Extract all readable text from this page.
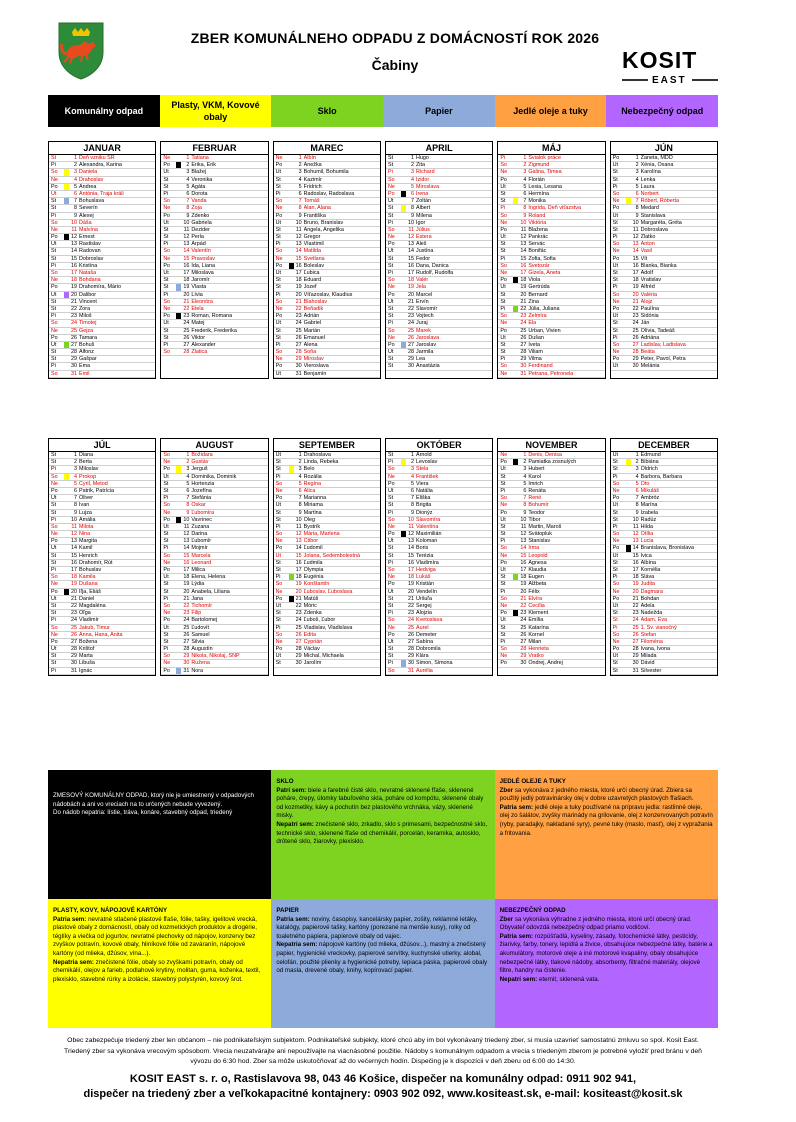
ZBER KOMUNÁLNEHO ODPADU Z DOMÁCNOSTÍ ROK 2026
Čabiny	KOSIT
EAST
Komunálny odpad
Plasty, VKM, Kovové obaly
Sklo	Papier	Jedlé oleje a tuky	Nebezpečný odpad
JANUAR
Št	1 Deň vzniku SR
Pi	2 Alexandra, Karina
So	3 Daniela
Ne	4 Drahoslav
Po	5 Andrea
Ut	6 Antónia, Traja králi
St	7 Bohuslava
Št	8 Severín
Pi	9 Alexej
So	10 Dáša
Ne	11 Malvína
Po	12 Ernest
Ut	13 Rastislav
St	14 Radovan
Št	15 Dobroslav
Pi	16 Kristína
So	17 Nataša
Ne	18 Bohdana
Po	19 Drahomíra, Mário
Ut	20 Dalibor
St	21 Vincent
Št	22 Zora
Pi	23 Miloš
So	24 Timotej
Ne	25 Gejza
Po	26 Tamara
Ut	27 Bohuš
St	28 Alfonz
Št	29 Gašpar
Pi	30 Ema
So	31 Emil
FEBRUAR
Ne	1 Tatiana
Po	2 Erika, Erik
Ut	3 Blažej
St	4 Veronika
Št	5 Agáta
Pi	6 Dorota
So	7 Vanda
Ne	8 Zoja
Po	9 Zdenko
Ut	10 Gabriela
St	11 Dezider
Št	12 Perla
Pi	13 Arpád
So	14 Valentín
Ne	15 Pravoslav
Po	16 Ida, Liana
Ut	17 Miloslava
St	18 Jaromír
Št	19 Vlasta
Pi	20 Lívia
So	21 Eleonóra
Ne	22 Etela
Po	23 Roman, Romana
Ut	24 Matej
St	25 Frederik, Frederika
Št	26 Viktor
Pi	27 Alexander
So	28 Zlatica
MAREC
Ne	1 Albín
Po	2 Anežka
Ut	3 Bohumil, Bohumila
St	4 Kazimír
Št	5 Fridrich
Pi	6 Radoslav, Radoslava
So	7 Tomáš
Ne	8 Alan, Alana
Po	9 Františka
Ut	10 Bruno, Branislav
St	11 Angela, Angelika
Št	12 Gregor
Pi	13 Vlastimil
So	14 Matilda
Ne	15 Svetlana
Po	16 Boleslav
Ut	17 Ľubica
St	18 Eduard
Št	19 Jozef
Pi	20 Víťazoslav, Klaudius
So	21 Blahoslav
Ne	22 Beňadik
Po	23 Adrián
Ut	24 Gabriel
St	25 Marián
Št	26 Emanuel
Pi	27 Alena
So	28 Soňa
Ne	29 Miroslav
Po	30 Vieroslava
Ut	31 Benjamín
APRIL
St	1 Hugo
Št	2 Zita
Pi	3 Richard
So	4 Izidor
Ne	5 Miroslava
Po	6 Irena
Ut	7 Zoltán
St	8 Albert
Št	9 Milena
Pi	10 Igor
So	11 Július
Ne	12 Estera
Po	13 Aleš
Ut	14 Justína
St	15 Fedor
Št	16 Dana, Danica
Pi	17 Rudolf, Rudolfa
So	18 Valér
Ne	19 Jela
Po	20 Marcel
Ut	21 Ervín
St	22 Slavomír
Št	23 Vojtech
Pi	24 Juraj
So	25 Marek
Ne	26 Jaroslava
Po	27 Jaroslav
Ut	28 Jarmila
St	29 Lea
Št	30 Anastázia
MÁJ
Pi	1 Sviatok práce
So	2 Žigmund
Ne	3 Galina, Timea
Po	4 Florián
Ut	5 Lesia, Lesana
St	6 Hermína
Št	7 Monika
Pi	8 Ingrida, Deň víťazstva
So	9 Roland
Ne	10 Viktória
Po	11 Blažena
Ut	12 Pankrác
St	13 Servác
Št	14 Bonifác
Pi	15 Žofia, Sofia
So	16 Svetozár
Ne	17 Gizela, Aneta
Po	18 Viola
Ut	19 Gertrúda
St	20 Bernard
Št	21 Zina
Pi	22 Júlia, Juliana
So	23 Želmíra
Ne	24 Ela
Po	25 Urban, Vivien
Ut	26 Dušan
St	27 Iveta
Št	28 Viliam
Pi	29 Vilma
So	30 Ferdinand
Ne	31 Petrana, Petronela
JÚN
Po	1 Žaneta, MDD
Ut	2 Xénia, Oxana
St	3 Karolína
Št	4 Lenka
Pi	5 Laura
So	6 Norbert
Ne	7 Róbert, Róberta
Po	8 Medard
Ut	9 Stanislava
St	10 Margaréta, Gréta
Št	11 Dobroslava
Pi	12 Zlatko
So	13 Anton
Ne	14 Vasil
Po	15 Vít
Ut	16 Blanka, Bianka
St	17 Adolf
Št	18 Vratislav
Pi	19 Alfréd
So	20 Valéria
Ne	21 Alojz
Po	22 Paulína
Ut	23 Sidónia
St	24 Ján
Št	25 Olívia, Tadeáš
Pi	26 Adriána
So	27 Ladislav, Ladislava
Ne	28 Beáta
Po	29 Peter, Pavol, Petra
Ut	30 Melánia
JÚL
St	1 Diana
Št	2 Berta
Pi	3 Miloslav
So	4 Prokop
Ne	5 Cyril, Metod
Po	6 Patrik, Patrícia
Ut	7 Oliver
St	8 Ivan
Št	9 Lujza
Pi	10 Amália
So	11 Milota
Ne	12 Nina
Po	13 Margita
Ut	14 Kamil
St	15 Henrich
Št	16 Drahomír, Rút
Pi	17 Bohuslav
So	18 Kamila
Ne	19 Dušana
Po	20 Iľja, Eliáš
Ut	21 Daniel
St	22 Magdaléna
Št	23 Oľga
Pi	24 Vladimír
So	25 Jakub, Timur
Ne	26 Anna, Hana, Anita
Po	27 Božena
Ut	28 Krištof
St	29 Marta
Št	30 Libuša
Pi	31 Ignác
AUGUST
So	1 Božidara
Ne	2 Gustáv
Po	3 Jerguš
Ut	4 Dominika, Dominik
St	5 Hortenzia
Št	6 Jozefína
Pi	7 Štefánia
So	8 Oskar
Ne	9 Ľubomíra
Po	10 Vavrinec
Ut	11 Zuzana
St	12 Darina
Št	13 Ľubomír
Pi	14 Mojmír
So	15 Marcela
Ne	16 Leonard
Po	17 Milica
Ut	18 Elena, Helena
St	19 Lýdia
Št	20 Anabela, Liliana
Pi	21 Jana
So	22 Tichomír
Ne	23 Filip
Po	24 Bartolomej
Ut	25 Ľudovít
St	26 Samuel
Št	27 Silvia
Pi	28 Augustín
So	29 Nikola, Nikolaj, SNP
Ne	30 Ružena
Po	31 Nora
SEPTEMBER
Ut	1 Drahoslava
St	2 Linda, Rebeka
Št	3 Belo
Pi	4 Rozália
So	5 Regína
Ne	6 Alica
Po	7 Marianna
Ut	8 Miriama
St	9 Martina
Št	10 Oleg
Pi	11 Bystrík
So	12 Mária, Marlena
Ne	13 Ctibor
Po	14 Ľudomil
Ut	15 Jolana, Sedembolestná
St	16 Ľudmila
Št	17 Olympia
Pi	18 Eugénia
So	19 Konštantín
Ne	20 Ľuboslav, Ľuboslava
Po	21 Matúš
Ut	22 Móric
St	23 Zdenka
Št	24 Ľuboš, Ľubor
Pi	25 Vladislav, Vladislava
So	26 Edita
Ne	27 Cyprián
Po	28 Václav
Ut	29 Michal, Michaela
St	30 Jarolím
OKTÓBER
Št	1 Arnold
Pi	2 Levoslav
So	3 Stela
Ne	4 František
Po	5 Viera
Ut	6 Natália
St	7 Eliška
Št	8 Brigita
Pi	9 Dionýz
So	10 Slavomíra
Ne	11 Valentína
Po	12 Maximilián
Ut	13 Koloman
St	14 Boris
Št	15 Terézia
Pi	16 Vladimíra
So	17 Hedviga
Ne	18 Lukáš
Po	19 Kristián
Ut	20 Vendelín
St	21 Uršuľa
Št	22 Sergej
Pi	23 Alojzia
So	24 Kvetoslava
Ne	25 Aurel
Po	26 Demeter
Ut	27 Sabína
St	28 Dobromila
Št	29 Klára
Pi	30 Šimon, Simona
So	31 Aurélia
NOVEMBER
Ne	1 Denis, Denisa
Po	2 Pamiatka zosnulých
Ut	3 Hubert
St	4 Karol
Št	5 Imrich
Pi	6 Renáta
So	7 René
Ne	8 Bohumír
Po	9 Teodor
Ut	10 Tibor
St	11 Martin, Maroš
Št	12 Svätopluk
Pi	13 Stanislav
So	14 Irma
Ne	15 Leopold
Po	16 Agnesa
Ut	17 Klaudia
St	18 Eugen
Št	19 Alžbeta
Pi	20 Félix
So	21 Elvíra
Ne	22 Cecília
Po	23 Klement
Ut	24 Emília
St	25 Katarína
Št	26 Kornel
Pi	27 Milan
So	28 Henrieta
Ne	29 Vratko
Po	30 Ondrej, Andrej
DECEMBER
Ut	1 Edmund
St	2 Bibiána
Št	3 Oldrich
Pi	4 Barbora, Barbara
So	5 Oto
Ne	6 Mikuláš
Po	7 Ambróz
Ut	8 Marína
St	9 Izabela
Št	10 Radúz
Pi	11 Hilda
So	12 Otília
Ne	13 Lucia
Po	14 Branislava, Bronislava
Ut	15 Ivica
St	16 Albína
Št	17 Kornélia
Pi	18 Sláva
So	19 Judita
Ne	20 Dagmara
Po	21 Bohdan
Ut	22 Adela
St	23 Nadežda
Št	24 Adam, Eva
Pi	25 1. Sv. vianočný
So	26 Štefan
Ne	27 Filoména
Po	28 Ivana, Ivona
Ut	29 Milada
St	30 Dávid
Št	31 Silvester
ZMESOVÝ KOMUNÁLNY ODPAD, ktorý nie je umiestnený v odpadových nádobách a ani vo vreciach na to určených nebude vyvezený.
Do nádob nepatria: lístie, tráva, konáre, stavebný odpad, triedený
SKLO
Patrí sem: biele a farebné čisté sklo, nevratné sklenené fľaše, sklenené poháre, črepy, úlomky tabuľového skla, poháre od kompótu, sklenené obaly od kozmetiky, kávy a pochutín bez plastového vrchnáka, vázy, sklenené misky.
Nepatrí sem: znečistené sklo, zrkadlo, sklo s primesami, bezpečnostné sklo, technické sklo, sklenené fľaše od chemikálií, porcelán, keramika, autosklo, drôtené sklo, žiarovky, plexisklo.
JEDLÉ OLEJE A TUKY
Zber sa vykonáva z jedného miesta, ktoré určí obecný úrad. Zbiera sa použitý jedlý potravinársky olej v dobre uzavretých plastových fľašiach.
Patria sem: jedlé oleje a tuky používané na prípravu jedla: rastlinné oleje, olej zo šalátov, zvyšky marinády na grilovanie, olej z konzervovaných potravín (ryby, paradajky, nakladané syry), pevné tuky (maslo, masť), olej z vypražania a fritovania.
PLASTY, KOVY, NÁPOJOVÉ KARTÓNY
Patria sem: nevratné stlačené plastové fľaše, fólie, tašky, igelitové vrecká, plastové obaly z domácností, obaly od kozmetických produktov a drogérie, téglíky a viečka od jogurtov, nevratné plechovky od nápojov, konzervy bez zvyškov potravín, kovové obaly, hliníkové fólie od zaváranín, nápojové kartóny (od mlieka, džúsov, vína...).
Nepatria sem: znečistené fólie, obaly so zvyškami potravín, obaly od chemikálií, olejov a farieb, podlahové krytiny, molitan, guma, koženka, textil, plexisklo, stavebné rúrky a izolácie, stavebný polystyrén, kovový šrot.
PAPIER
Patria sem: noviny, časopisy, kancelársky papier, zošity, reklamné letáky, katalógy, papierové tašky, kartóny (porezané na menšie kusy), rolky od toaletného papiera, papierové obaly od vajec.
Nepatria sem: nápojové kartóny (od mlieka, džúsov...), mastný a znečistený papier, hygienické vreckovky, papierové servítky, kuchynské utierky, alobal, celofán, použité plienky a hygienické potreby, lepiaca páska, papierové obaly od masla, drevené obaly, knihy, kopírovací papier.
NEBEZPEČNÝ ODPAD
Zber sa vykonáva výhradne z jedného miesta, ktoré určí obecný úrad. Obyvateľ odovzdá nebezpečný odpad priamo vodičovi.
Patria sem: rozpúšťadlá, kyseliny, zásady, fotochemické látky, pesticídy, žiarivky, farby, tonery, lepidlá a živice, obsahujúce nebezpečné látky, batérie a akumulátory, motorové oleje a iné motorové kvapaliny, obaly obsahujúce nebezpečné látky, tlakové nádoby, absorbenty, filtračné materiály, olejové filtre, handry na čistenie.
Nepatrí sem: eternit, sklenená vata.
Obec zabezpečuje triedený zber len občanom – nie podnikateľským subjektom. Podnikateľské subjekty, ktoré chcú aby im bol vykonávaný triedený zber, si musia uzavrieť samostatnú zmluvu so spol. Kosit East. Triedený zber sa vykonáva vrecovým spôsobom. Vrecia neuzatvárajte ani nepoužívajte na viacnásobné použitie. Nádoby s komunálnym odpadom a vrecia s triedeným zberom je potrebné vyložiť pred bránu v deň vývozu do 6:30 hod. Zber sa môže uskutočňovať až do večerných hodín. Dispečing je k dispozícii v deň zberu od 6:00 do 14:30.
KOSIT EAST s. r. o, Rastislavova 98, 043 46 Košice, dispečer na komunálny odpad: 0911 902 941,
dispečer na triedený zber a veľkokapacitné kontajnery: 0903 902 092, www.kositeast.sk, e-mail: kositeast@kosit.sk
